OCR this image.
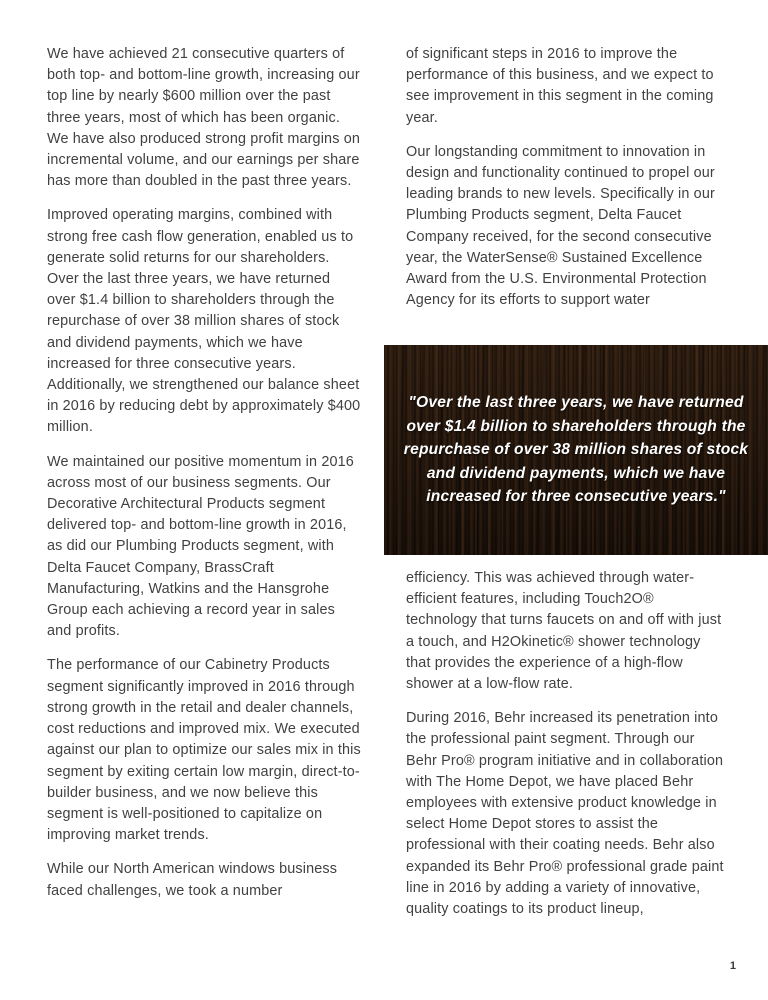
We have achieved 21 consecutive quarters of both top- and bottom-line growth, increasing our top line by nearly $600 million over the past three years, most of which has been organic. We have also produced strong profit margins on incremental volume, and our earnings per share has more than doubled in the past three years.

Improved operating margins, combined with strong free cash flow generation, enabled us to generate solid returns for our shareholders. Over the last three years, we have returned over $1.4 billion to shareholders through the repurchase of over 38 million shares of stock and dividend payments, which we have increased for three consecutive years. Additionally, we strengthened our balance sheet in 2016 by reducing debt by approximately $400 million.

We maintained our positive momentum in 2016 across most of our business segments. Our Decorative Architectural Products segment delivered top- and bottom-line growth in 2016, as did our Plumbing Products segment, with Delta Faucet Company, BrassCraft Manufacturing, Watkins and the Hansgrohe Group each achieving a record year in sales and profits.

The performance of our Cabinetry Products segment significantly improved in 2016 through strong growth in the retail and dealer channels, cost reductions and improved mix. We executed against our plan to optimize our sales mix in this segment by exiting certain low margin, direct-to-builder business, and we now believe this segment is well-positioned to capitalize on improving market trends.

While our North American windows business faced challenges, we took a number

of significant steps in 2016 to improve the performance of this business, and we expect to see improvement in this segment in the coming year.

Our longstanding commitment to innovation in design and functionality continued to propel our leading brands to new levels. Specifically in our Plumbing Products segment, Delta Faucet Company received, for the second consecutive year, the WaterSense® Sustained Excellence Award from the U.S. Environmental Protection Agency for its efforts to support water

"Over the last three years, we have returned over $1.4 billion to shareholders through the repurchase of over 38 million shares of stock and dividend payments, which we have increased for three consecutive years."

efficiency. This was achieved through water-efficient features, including Touch2O® technology that turns faucets on and off with just a touch, and H2Okinetic® shower technology that provides the experience of a high-flow shower at a low-flow rate.

During 2016, Behr increased its penetration into the professional paint segment. Through our Behr Pro® program initiative and in collaboration with The Home Depot, we have placed Behr employees with extensive product knowledge in select Home Depot stores to assist the professional with their coating needs. Behr also expanded its Behr Pro® professional grade paint line in 2016 by adding a variety of innovative, quality coatings to its product lineup,

1
